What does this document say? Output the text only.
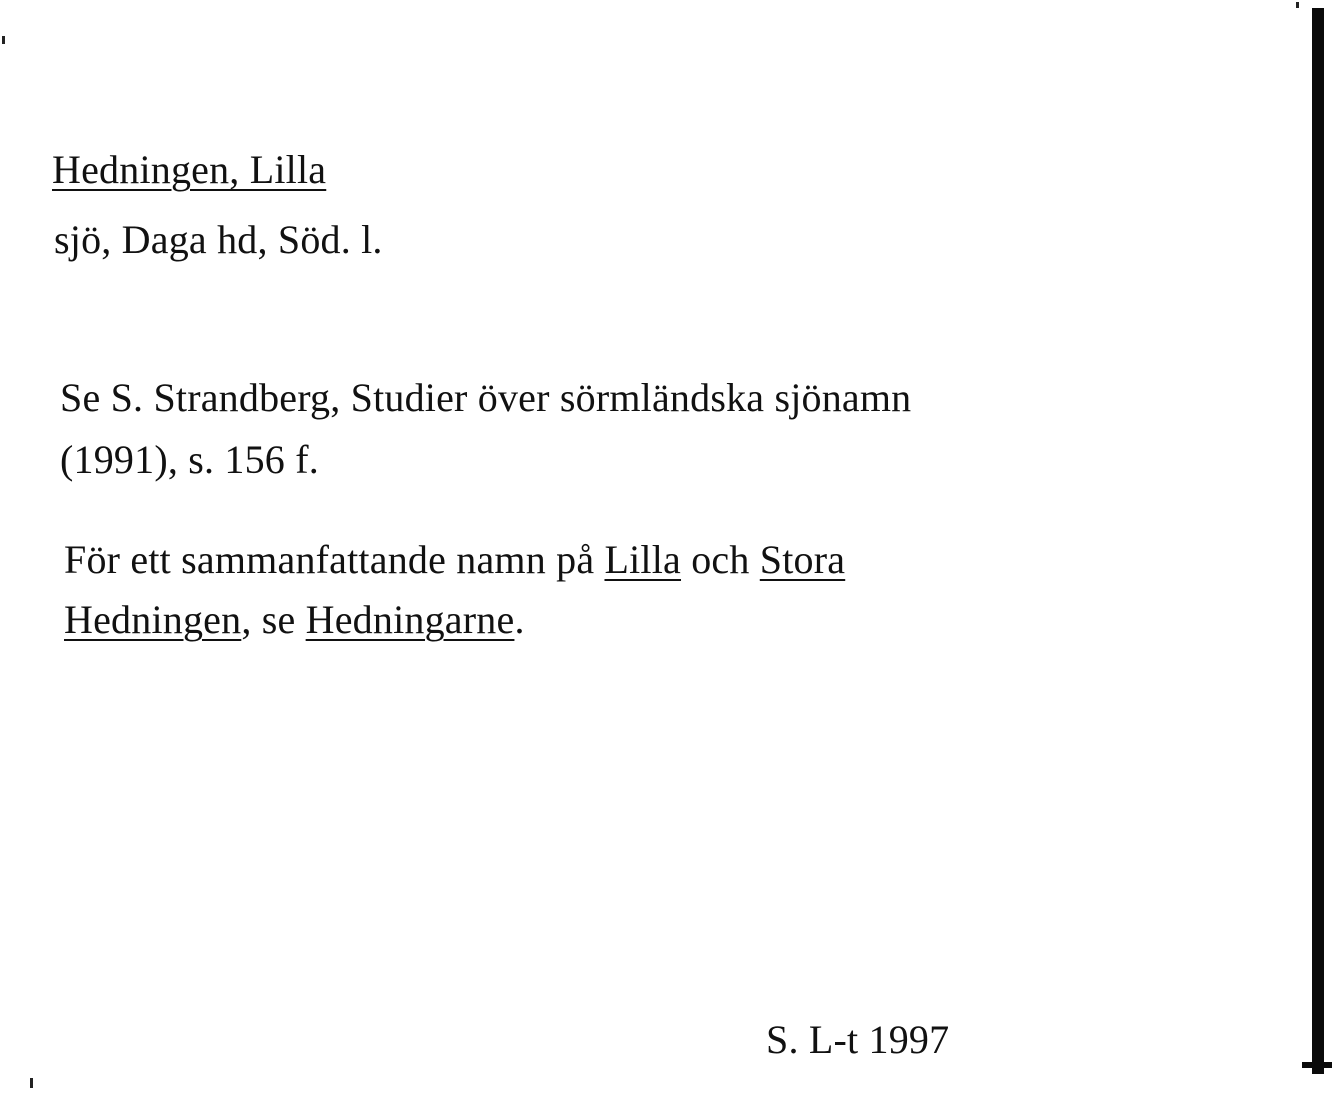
Hedningen, Lilla
sjö, Daga hd, Söd. l.
Se S. Strandberg, Studier över sörmländska sjönamn
(1991), s. 156 f.
För ett sammanfattande namn på Lilla och Stora
Hedningen, se Hedningarne.
S. L-t 1997
